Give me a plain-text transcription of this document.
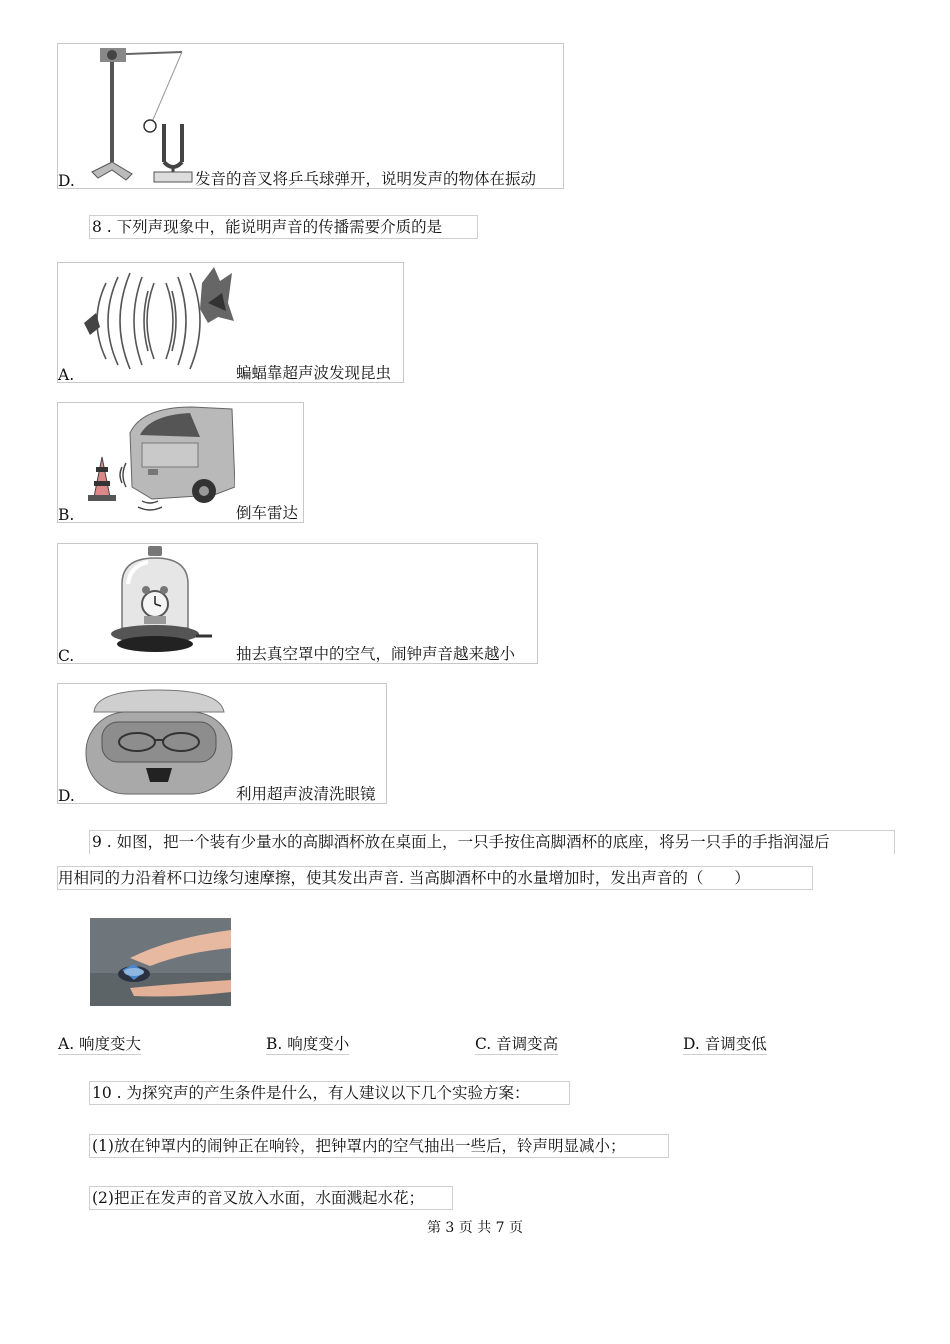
D.	发音的音叉将乒乓球弹开，说明发声的物体在振动
8 . 下列声现象中，能说明声音的传播需要介质的是
A.	蝙蝠靠超声波发现昆虫
B.	倒车雷达
C.	抽去真空罩中的空气，闹钟声音越来越小
D.	利用超声波清洗眼镜
9 . 如图，把一个装有少量水的高脚酒杯放在桌面上，一只手按住高脚酒杯的底座，将另一只手的手指润湿后
用相同的力沿着杯口边缘匀速摩擦，使其发出声音. 当高脚酒杯中的水量增加时，发出声音的（　　）
A. 响度变大	B. 响度变小	C. 音调变高	D. 音调变低
10 . 为探究声的产生条件是什么，有人建议以下几个实验方案：
(1)放在钟罩内的闹钟正在响铃，把钟罩内的空气抽出一些后，铃声明显减小；
(2)把正在发声的音叉放入水面，水面溅起水花；
第 3 页 共 7 页
